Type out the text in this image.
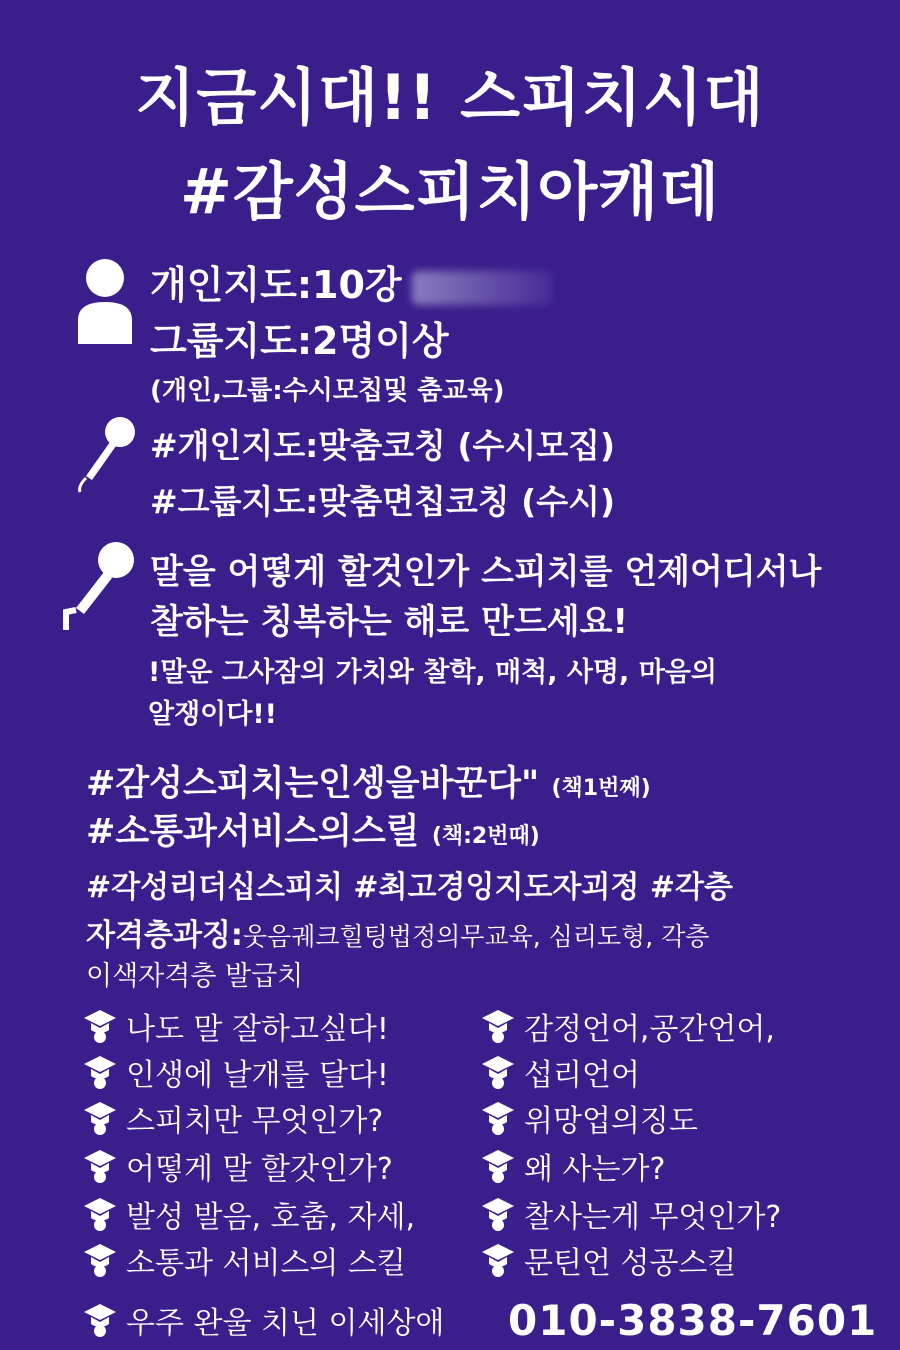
지금시대!! 스피치시대
#감성스피치아캐데
개인지도:10강
그룹지도:2명이상
(개인,그룹:수시모칩및 춤교육)
#개인지도:맞춤코칭 (수시모집)
#그룹지도:맞춤면칩코칭 (수시)
말을 어떻게 할것인가 스피치를 언제어디서나
찰하는 칭복하는 해로 만드세요!
!말운 그사잠의 가치와 찰학, 매척, 사명, 마음의
알쟁이다!!
#감성스피치는인셍을바꾼다" (책1번째)
#소통과서비스의스릴 (책:2번때)
#각성리더십스피치 #최고경잉지도자괴정 #각층
자격층과징:웃음궤크힐팅법정의무교육, 심리도형, 각층
이색자격층 발급치
나도 말 잘하고싶다!
인생에 날개를 달다!
스피치만 무엇인가?
어떻게 말 할갓인가?
발성 발음, 호춤, 자세,
소통과 서비스의 스킬
우주 완울 치닌 이세상애
감정언어,공간언어,
섭리언어
위망업의징도
왜 사는가?
찰사는게 무엇인가?
문틴언 성공스킬
010-3838-7601
